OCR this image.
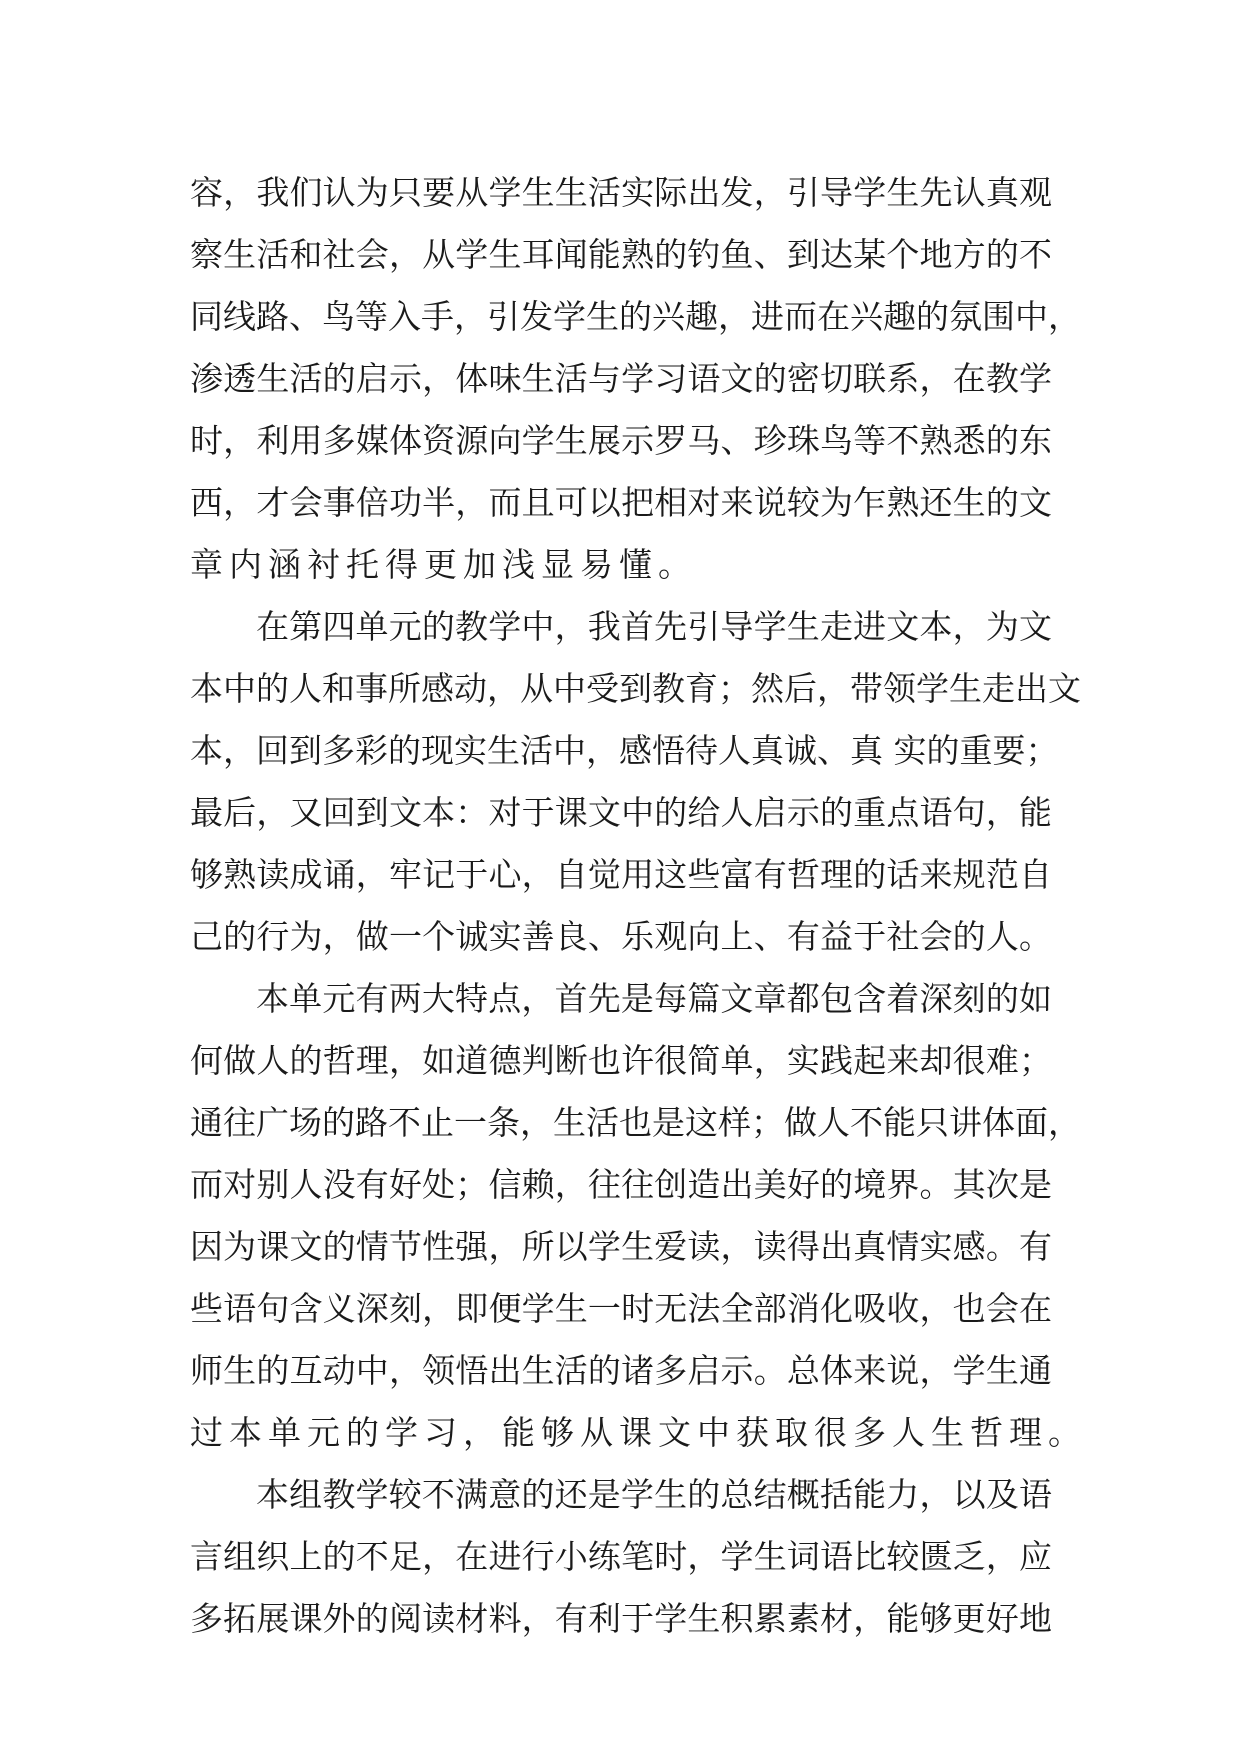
容，我们认为只要从学生生活实际出发，引导学生先认真观
察生活和社会，从学生耳闻能熟的钓鱼、到达某个地方的不
同线路、鸟等入手，引发学生的兴趣，进而在兴趣的氛围中，
渗透生活的启示，体味生活与学习语文的密切联系，在教学
时，利用多媒体资源向学生展示罗马、珍珠鸟等不熟悉的东
西，才会事倍功半，而且可以把相对来说较为乍熟还生的文
章内涵衬托得更加浅显易懂。
在第四单元的教学中，我首先引导学生走进文本，为文
本中的人和事所感动，从中受到教育；然后，带领学生走出文
本，回到多彩的现实生活中，感悟待人真诚、真 实的重要；
最后，又回到文本：对于课文中的给人启示的重点语句，能
够熟读成诵，牢记于心，自觉用这些富有哲理的话来规范自
己的行为，做一个诚实善良、乐观向上、有益于社会的人。
本单元有两大特点，首先是每篇文章都包含着深刻的如
何做人的哲理，如道德判断也许很简单，实践起来却很难；
通往广场的路不止一条，生活也是这样；做人不能只讲体面，
而对别人没有好处；信赖，往往创造出美好的境界。其次是
因为课文的情节性强，所以学生爱读，读得出真情实感。有
些语句含义深刻，即便学生一时无法全部消化吸收，也会在
师生的互动中，领悟出生活的诸多启示。总体来说，学生通
过本单元的学习，能够从课文中获取很多人生哲理。
本组教学较不满意的还是学生的总结概括能力，以及语
言组织上的不足，在进行小练笔时，学生词语比较匮乏，应
多拓展课外的阅读材料，有利于学生积累素材，能够更好地
